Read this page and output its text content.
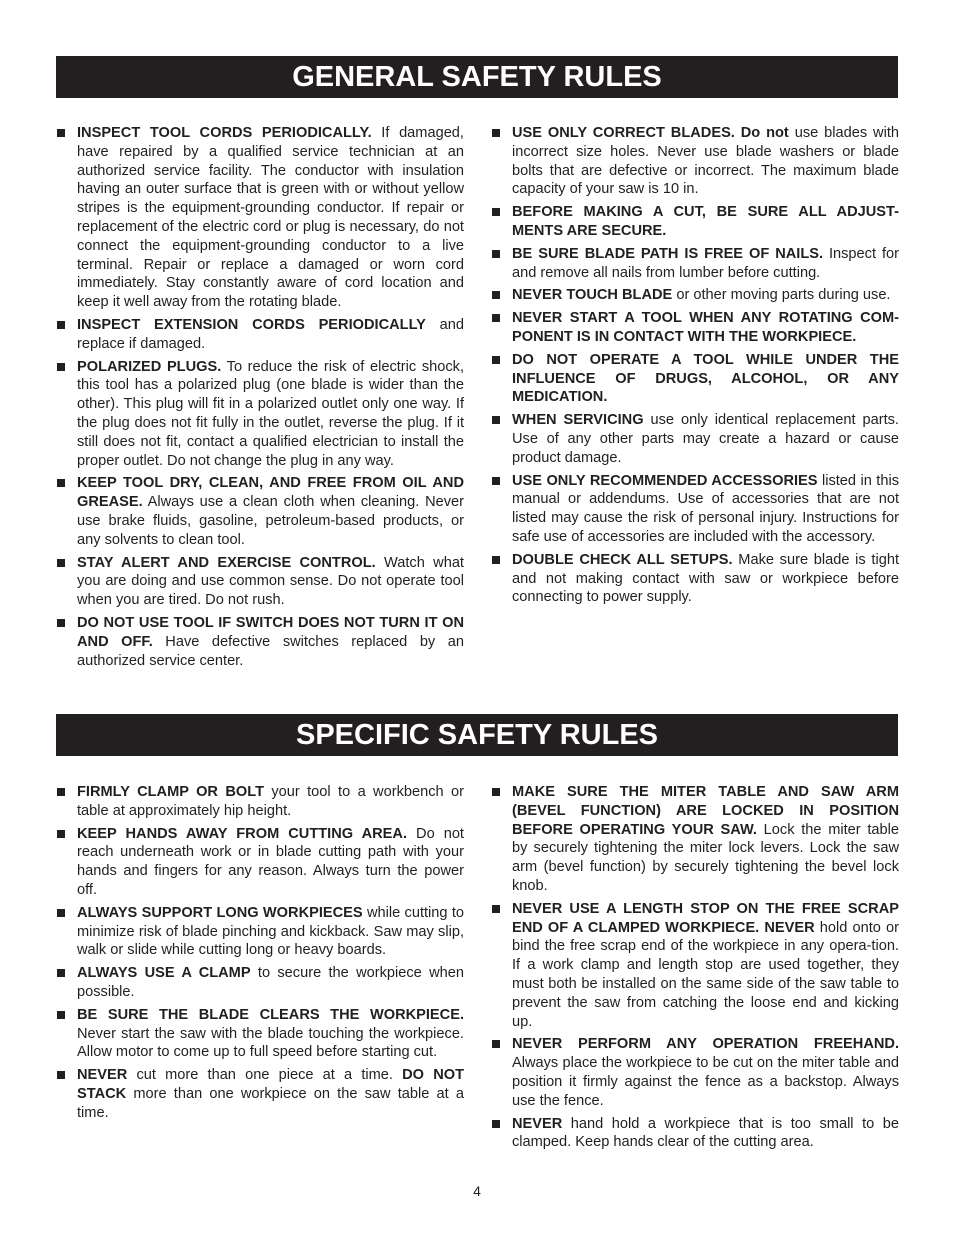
GENERAL SAFETY RULES
INSPECT TOOL CORDS PERIODICALLY. If damaged, have repaired by a qualified service technician at an authorized service facility. The conductor with insulation having an outer surface that is green with or without yellow stripes is the equipment-grounding conductor. If repair or replacement of the electric cord or plug is necessary, do not connect the equipment-grounding conductor to a live terminal. Repair or replace a damaged or worn cord immediately. Stay constantly aware of cord location and keep it well away from the rotating blade.
INSPECT EXTENSION CORDS PERIODICALLY and replace if damaged.
POLARIZED PLUGS. To reduce the risk of electric shock, this tool has a polarized plug (one blade is wider than the other). This plug will fit in a polarized outlet only one way. If the plug does not fit fully in the outlet, reverse the plug. If it still does not fit, contact a qualified electrician to install the proper outlet. Do not change the plug in any way.
KEEP TOOL DRY, CLEAN, AND FREE FROM OIL AND GREASE. Always use a clean cloth when cleaning. Never use brake fluids, gasoline, petroleum-based products, or any solvents to clean tool.
STAY ALERT AND EXERCISE CONTROL. Watch what you are doing and use common sense. Do not operate tool when you are tired. Do not rush.
DO NOT USE TOOL IF SWITCH DOES NOT TURN IT ON AND OFF. Have defective switches replaced by an authorized service center.
USE ONLY CORRECT BLADES. Do not use blades with incorrect size holes. Never use blade washers or blade bolts that are defective or incorrect. The maximum blade capacity of your saw is 10 in.
BEFORE MAKING A CUT, BE SURE ALL ADJUST-MENTS ARE SECURE.
BE SURE BLADE PATH IS FREE OF NAILS. Inspect for and remove all nails from lumber before cutting.
NEVER TOUCH BLADE or other moving parts during use.
NEVER START A TOOL WHEN ANY ROTATING COM-PONENT IS IN CONTACT WITH THE WORKPIECE.
DO NOT OPERATE A TOOL WHILE UNDER THE INFLUENCE OF DRUGS, ALCOHOL, OR ANY MEDICATION.
WHEN SERVICING use only identical replacement parts. Use of any other parts may create a hazard or cause product damage.
USE ONLY RECOMMENDED ACCESSORIES listed in this manual or addendums. Use of accessories that are not listed may cause the risk of personal injury. Instructions for safe use of accessories are included with the accessory.
DOUBLE CHECK ALL SETUPS. Make sure blade is tight and not making contact with saw or workpiece before connecting to power supply.
SPECIFIC SAFETY RULES
FIRMLY CLAMP OR BOLT your tool to a workbench or table at approximately hip height.
KEEP HANDS AWAY FROM CUTTING AREA. Do not reach underneath work or in blade cutting path with your hands and fingers for any reason. Always turn the power off.
ALWAYS SUPPORT LONG WORKPIECES while cutting to minimize risk of blade pinching and kickback. Saw may slip, walk or slide while cutting long or heavy boards.
ALWAYS USE A CLAMP to secure the workpiece when possible.
BE SURE THE BLADE CLEARS THE WORKPIECE. Never start the saw with the blade touching the workpiece. Allow motor to come up to full speed before starting cut.
NEVER cut more than one piece at a time. DO NOT STACK more than one workpiece on the saw table at a time.
MAKE SURE THE MITER TABLE AND SAW ARM (BEVEL FUNCTION) ARE LOCKED IN POSITION BEFORE OPERATING YOUR SAW. Lock the miter table by securely tightening the miter lock levers. Lock the saw arm (bevel function) by securely tightening the bevel lock knob.
NEVER USE A LENGTH STOP ON THE FREE SCRAP END OF A CLAMPED WORKPIECE. NEVER hold onto or bind the free scrap end of the workpiece in any opera-tion. If a work clamp and length stop are used together, they must both be installed on the same side of the saw table to prevent the saw from catching the loose end and kicking up.
NEVER PERFORM ANY OPERATION FREEHAND. Always place the workpiece to be cut on the miter table and position it firmly against the fence as a backstop. Always use the fence.
NEVER hand hold a workpiece that is too small to be clamped. Keep hands clear of the cutting area.
4
